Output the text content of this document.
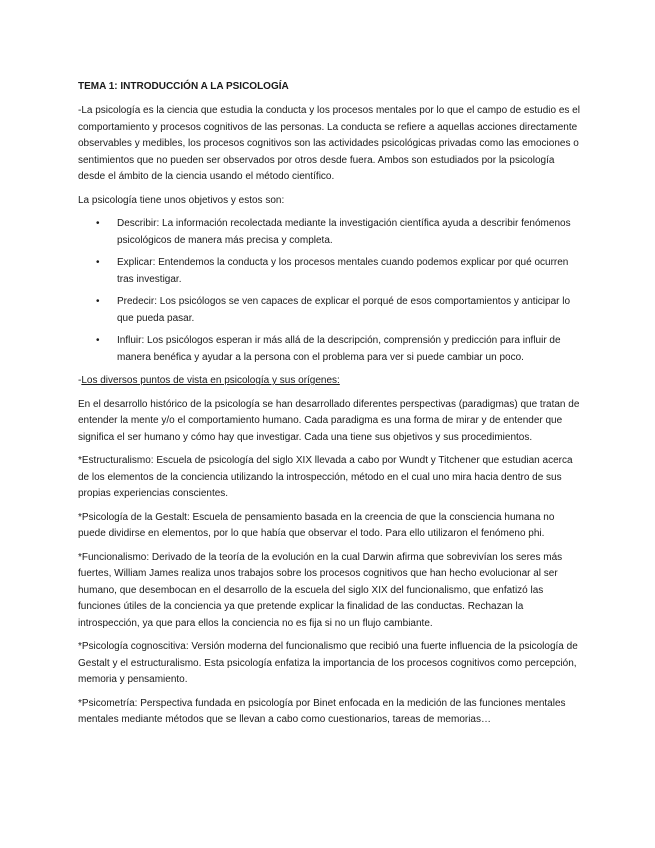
TEMA 1: INTRODUCCIÓN A LA PSICOLOGÍA

-La psicología es la ciencia que estudia la conducta y los procesos mentales por lo que el campo de estudio es el comportamiento y procesos cognitivos de las personas. La conducta se refiere a aquellas acciones directamente observables y medibles, los procesos cognitivos son las actividades psicológicas privadas como las emociones o sentimientos que no pueden ser observados por otros desde fuera. Ambos son estudiados por la psicología desde el ámbito de la ciencia usando el método científico.

La psicología tiene unos objetivos y estos son:

• Describir: La información recolectada mediante la investigación científica ayuda a describir fenómenos psicológicos de manera más precisa y completa.
• Explicar: Entendemos la conducta y los procesos mentales cuando podemos explicar por qué ocurren tras investigar.
• Predecir: Los psicólogos se ven capaces de explicar el porqué de esos comportamientos y anticipar lo que pueda pasar.
• Influir: Los psicólogos esperan ir más allá de la descripción, comprensión y predicción para influir de manera benéfica y ayudar a la persona con el problema para ver si puede cambiar un poco.

-Los diversos puntos de vista en psicología y sus orígenes:

En el desarrollo histórico de la psicología se han desarrollado diferentes perspectivas (paradigmas) que tratan de entender la mente y/o el comportamiento humano. Cada paradigma es una forma de mirar y de entender que significa el ser humano y cómo hay que investigar. Cada una tiene sus objetivos y sus procedimientos.

*Estructuralismo: Escuela de psicología del siglo XIX llevada a cabo por Wundt y Titchener que estudian acerca de los elementos de la conciencia utilizando la introspección, método en el cual uno mira hacia dentro de sus propias experiencias conscientes.

*Psicología de la Gestalt: Escuela de pensamiento basada en la creencia de que la consciencia humana no puede dividirse en elementos, por lo que había que observar el todo. Para ello utilizaron el fenómeno phi.

*Funcionalismo: Derivado de la teoría de la evolución en la cual Darwin afirma que sobrevivían los seres más fuertes, William James realiza unos trabajos sobre los procesos cognitivos que han hecho evolucionar al ser humano, que desembocan en el desarrollo de la escuela del siglo XIX del funcionalismo, que enfatizó las funciones útiles de la conciencia ya que pretende explicar la finalidad de las conductas. Rechazan la introspección, ya que para ellos la conciencia no es fija si no un flujo cambiante.

*Psicología cognoscitiva: Versión moderna del funcionalismo que recibió una fuerte influencia de la psicología de Gestalt y el estructuralismo. Esta psicología enfatiza la importancia de los procesos cognitivos como percepción, memoria y pensamiento.

*Psicometría: Perspectiva fundada en psicología por Binet enfocada en la medición de las funciones mentales mentales mediante métodos que se llevan a cabo como cuestionarios, tareas de memorias…
